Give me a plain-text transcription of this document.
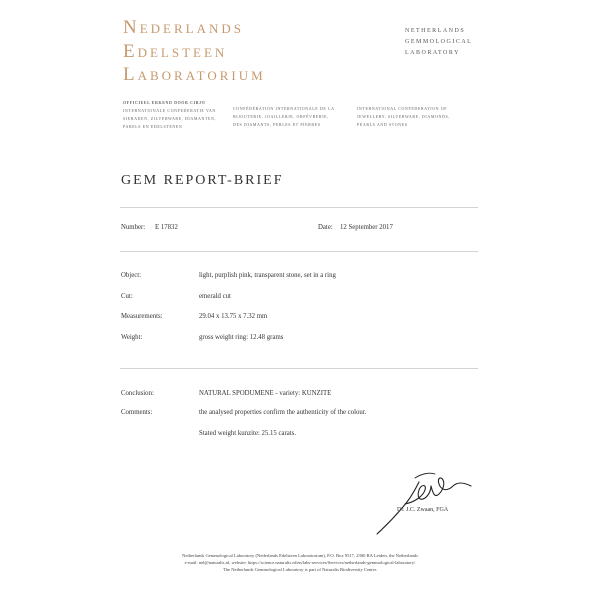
Nederlands
Edelsteen
Laboratorium
NETHERLANDS
GEMMOLOGICAL
LABORATORY
OFFICIEEL ERKEND DOOR CIBJO
INTERNATIONALE CONFEDERATIE VAN
SIERADEN, ZILVERWARE, DIAMANTEN,
PARELS EN EDELSTENEN
CONFÉDÉRATION INTERNATIONALE DE LA
BIJOUTERIE, JOAILLERIE, ORFÈVRERIE,
DES DIAMANTS, PERLES ET PIERRES
INTERNATIONAL CONFEDERATION OF
JEWELLERY, SILVERWARE, DIAMONDS,
PEARLS AND STONES
GEM REPORT-BRIEF
Number: E 17832	Date: 12 September 2017
Object:	light, purplish pink, transparent stone, set in a ring
Cut:	emerald cut
Measurements:	29.04 x 13.75 x 7.32 mm
Weight:	gross weight ring: 12.48 grams
Conclusion:	NATURAL SPODUMENE - variety: KUNZITE
Comments:	the analysed properties confirm the authenticity of the colour.
Stated weight kunzite: 25.15 carats.
Dr. J.C. Zwaan, FGA
Netherlands Gemmological Laboratory (Nederlands Edelsteen Laboratorium), P.O. Box 9517, 2300 RA Leiden, the Netherlands
e-mail: nel@naturalis.nl, website: https://science.naturalis.nl/en/labs-services/Services/netherlands-gemmological-laboratory/
The Netherlands Gemmological Laboratory is part of Naturalis Biodiversity Center.
